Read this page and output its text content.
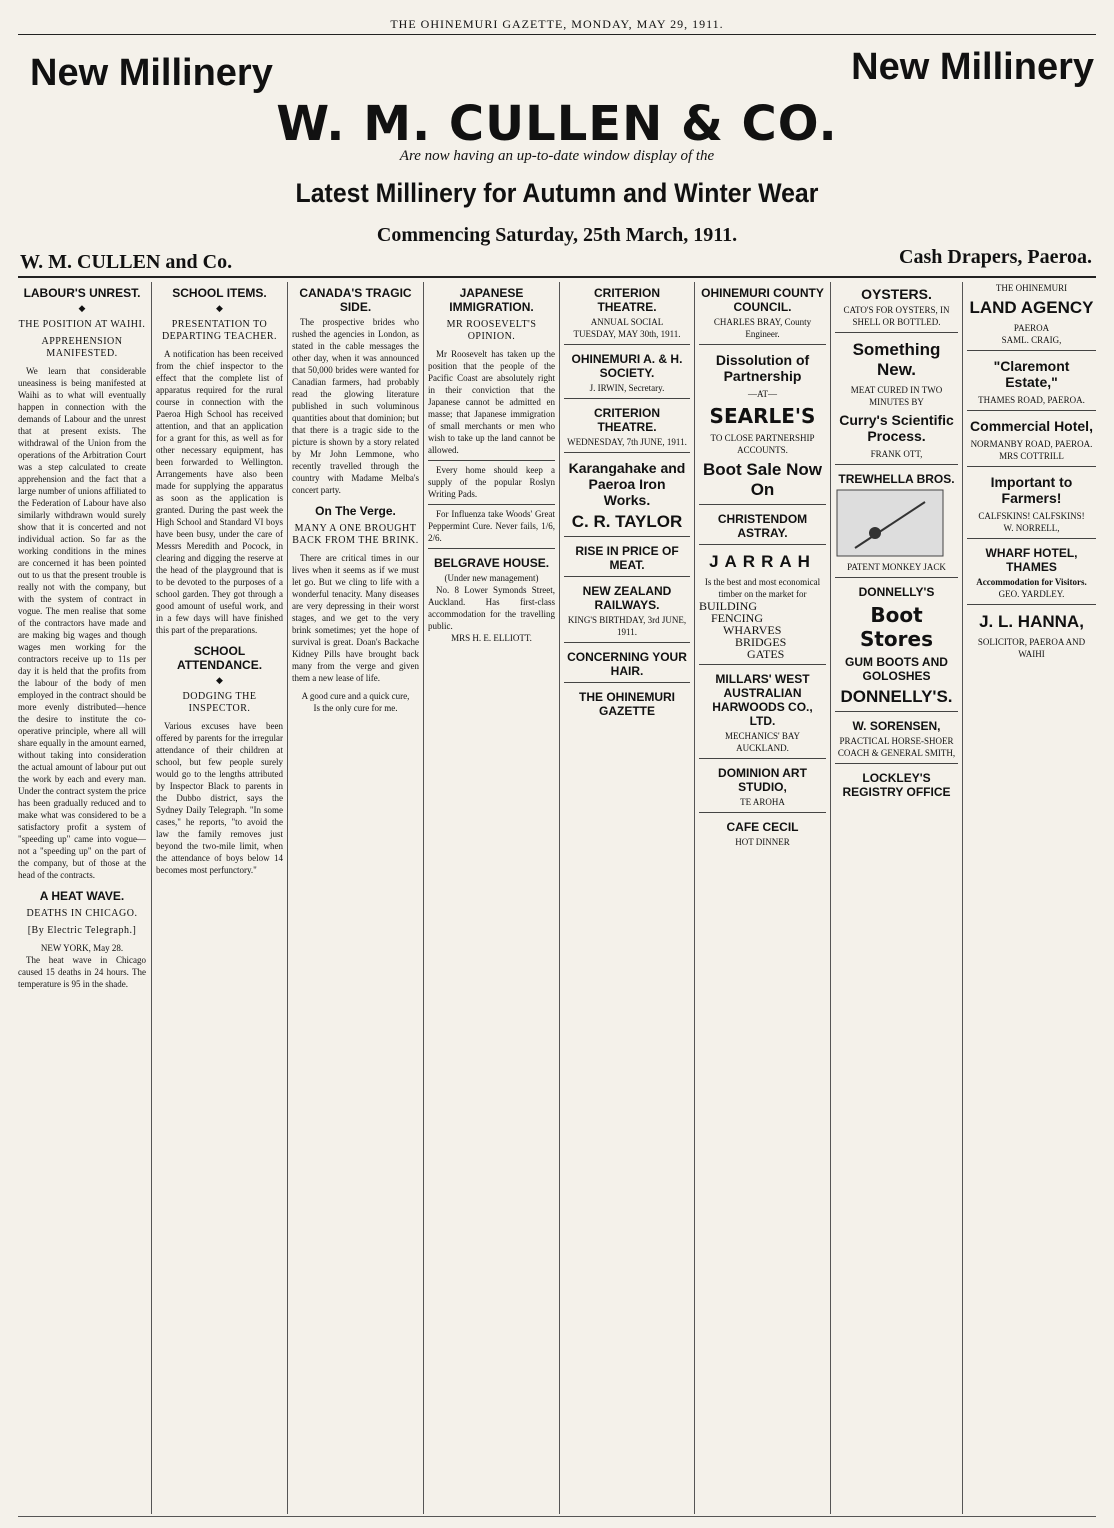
THE OHINEMURI GAZETTE, MONDAY, MAY 29, 1911.
New Millinery	New Millinery
W. M. CULLEN & CO.
Are now having an up-to-date window display of the
Latest Millinery for Autumn and Winter Wear
Commencing Saturday, 25th March, 1911.
W. M. CULLEN and Co.	Cash Drapers, Paeroa.
LABOUR'S UNREST.
◆
THE POSITION AT WAIHI.
APPREHENSION MANIFESTED.

We learn that considerable uneasiness is being manifested at Waihi as to what will eventually happen in connection with the demands of Labour and the unrest that at present exists. The withdrawal of the Union from the operations of the Arbitration Court was a step calculated to create apprehension and the fact that a large number of unions affiliated to the Federation of Labour have also similarly withdrawn would surely show that it is concerted and not individual action. So far as the working conditions in the mines are concerned it has been pointed out to us that the present trouble is really not with the company, but with the system of contract in vogue. The men realise that some of the contractors have made and are making big wages and though wages men working for the contractors receive up to 11s per day it is held that the profits from the labour of the body of men employed in the contract should be more evenly distributed—hence the desire to institute the co-operative principle, where all will share equally in the amount earned, without taking into consideration the actual amount of labour put out the work by each and every man. Under the contract system the price has been gradually reduced and to make what was considered to be a satisfactory profit a system of "speeding up" came into vogue—not a "speeding up" on the part of the company, but of those at the head of the contracts.

A HEAT WAVE.
DEATHS IN CHICAGO.
[By Electric Telegraph.]
NEW YORK, May 28.

The heat wave in Chicago caused 15 deaths in 24 hours. The temperature is 95 in the shade.

SCHOOL ITEMS.
◆
PRESENTATION TO DEPARTING TEACHER.

A notification has been received from the chief inspector to the effect that the complete list of apparatus required for the rural course in connection with the Paeroa High School has received attention, and that an application for a grant for this, as well as for other necessary equipment, has been forwarded to Wellington. Arrangements have also been made for supplying the apparatus as soon as the application is granted. During the past week the High School and Standard VI boys have been busy, under the care of Messrs Meredith and Pocock, in clearing and digging the reserve at the head of the playground that is to be devoted to the purposes of a school garden. They got through a good amount of useful work, and in a few days will have finished this part of the preparations.

SCHOOL ATTENDANCE.
◆
DODGING THE INSPECTOR.

Various excuses have been offered by parents for the irregular attendance of their children at school, but few people surely would go to the lengths attributed by Inspector Black to parents in the Dubbo district, says the Sydney Daily Telegraph. "In some cases," he reports, "to avoid the law the family removes just beyond the two-mile limit, when the attendance of boys below 14 becomes most perfunctory."

CANADA'S TRAGIC SIDE.

The prospective brides who rushed the agencies in London, as stated in the cable messages the other day, when it was announced that 50,000 brides were wanted for Canadian farmers, had probably read the glowing literature published in such voluminous quantities about that dominion; but that there is a tragic side to the picture is shown by a story related by Mr John Lemmone, who recently travelled through the country with Madame Melba's concert party.

On The Verge.
MANY A ONE BROUGHT BACK FROM THE BRINK.

There are critical times in our lives when it seems as if we must let go. But we cling to life with a wonderful tenacity. Many diseases are very depressing in their worst stages, and we get to the very brink sometimes; yet the hope of survival is great. Doan's Backache Kidney Pills have brought back many from the verge and given them a new lease of life.

A good cure and a quick cure,
Is the only cure for me.
JAPANESE IMMIGRATION.
MR ROOSEVELT'S OPINION.

Mr Roosevelt has taken up the position that the people of the Pacific Coast are absolutely right in their conviction that the Japanese cannot be admitted en masse; that Japanese immigration of small merchants or men who wish to take up the land cannot be allowed.

Every home should keep a supply of the popular Roslyn Writing Pads.

For Influenza take Woods' Great Peppermint Cure. Never fails, 1/6, 2/6.

BELGRAVE HOUSE.
(Under new management)

No. 8 Lower Symonds Street, Auckland. Has first-class accommodation for the travelling public.

MRS H. E. ELLIOTT.
CRITERION THEATRE.
ANNUAL SOCIAL
TUESDAY, MAY 30th, 1911.
OHINEMURI A. & H. SOCIETY.
J. IRWIN, Secretary.
CRITERION THEATRE.
WEDNESDAY, 7th JUNE, 1911.
Karangahake and Paeroa Iron Works.
C. R. TAYLOR
RISE IN PRICE OF MEAT.
NEW ZEALAND RAILWAYS.
KING'S BIRTHDAY, 3rd JUNE, 1911.
CONCERNING YOUR HAIR.
THE OHINEMURI GAZETTE
OHINEMURI COUNTY COUNCIL.
CHARLES BRAY, County Engineer.
Dissolution of Partnership
—AT—
SEARLE'S
TO CLOSE PARTNERSHIP ACCOUNTS.
Boot Sale Now On
CHRISTENDOM ASTRAY.
JARRAH
Is the best and most economical timber on the market for
BUILDING
FENCING
WHARVES
BRIDGES
GATES
MILLARS' WEST AUSTRALIAN HARWOODS CO., LTD.
MECHANICS' BAY AUCKLAND.
DOMINION ART STUDIO,
TE AROHA
CAFE CECIL
HOT DINNER
OYSTERS.
CATO'S FOR OYSTERS, IN SHELL OR BOTTLED.
Something New.
MEAT CURED IN TWO MINUTES BY
Curry's Scientific Process.
FRANK OTT,
TREWHELLA BROS.
PATENT MONKEY JACK
DONNELLY'S
Boot Stores
GUM BOOTS AND GOLOSHES
DONNELLY'S.
W. SORENSEN,
PRACTICAL HORSE-SHOER COACH & GENERAL SMITH,
LOCKLEY'S REGISTRY OFFICE
THE OHINEMURI
LAND AGENCY
PAEROA
SAML. CRAIG,
"Claremont Estate,"
THAMES ROAD, PAEROA.
Commercial Hotel,
NORMANBY ROAD, PAEROA.
MRS COTTRILL
Important to Farmers!
CALFSKINS! CALFSKINS!
W. NORRELL,
WHARF HOTEL, THAMES
Accommodation for Visitors.
GEO. YARDLEY.
J. L. HANNA,
SOLICITOR, PAEROA AND WAIHI
